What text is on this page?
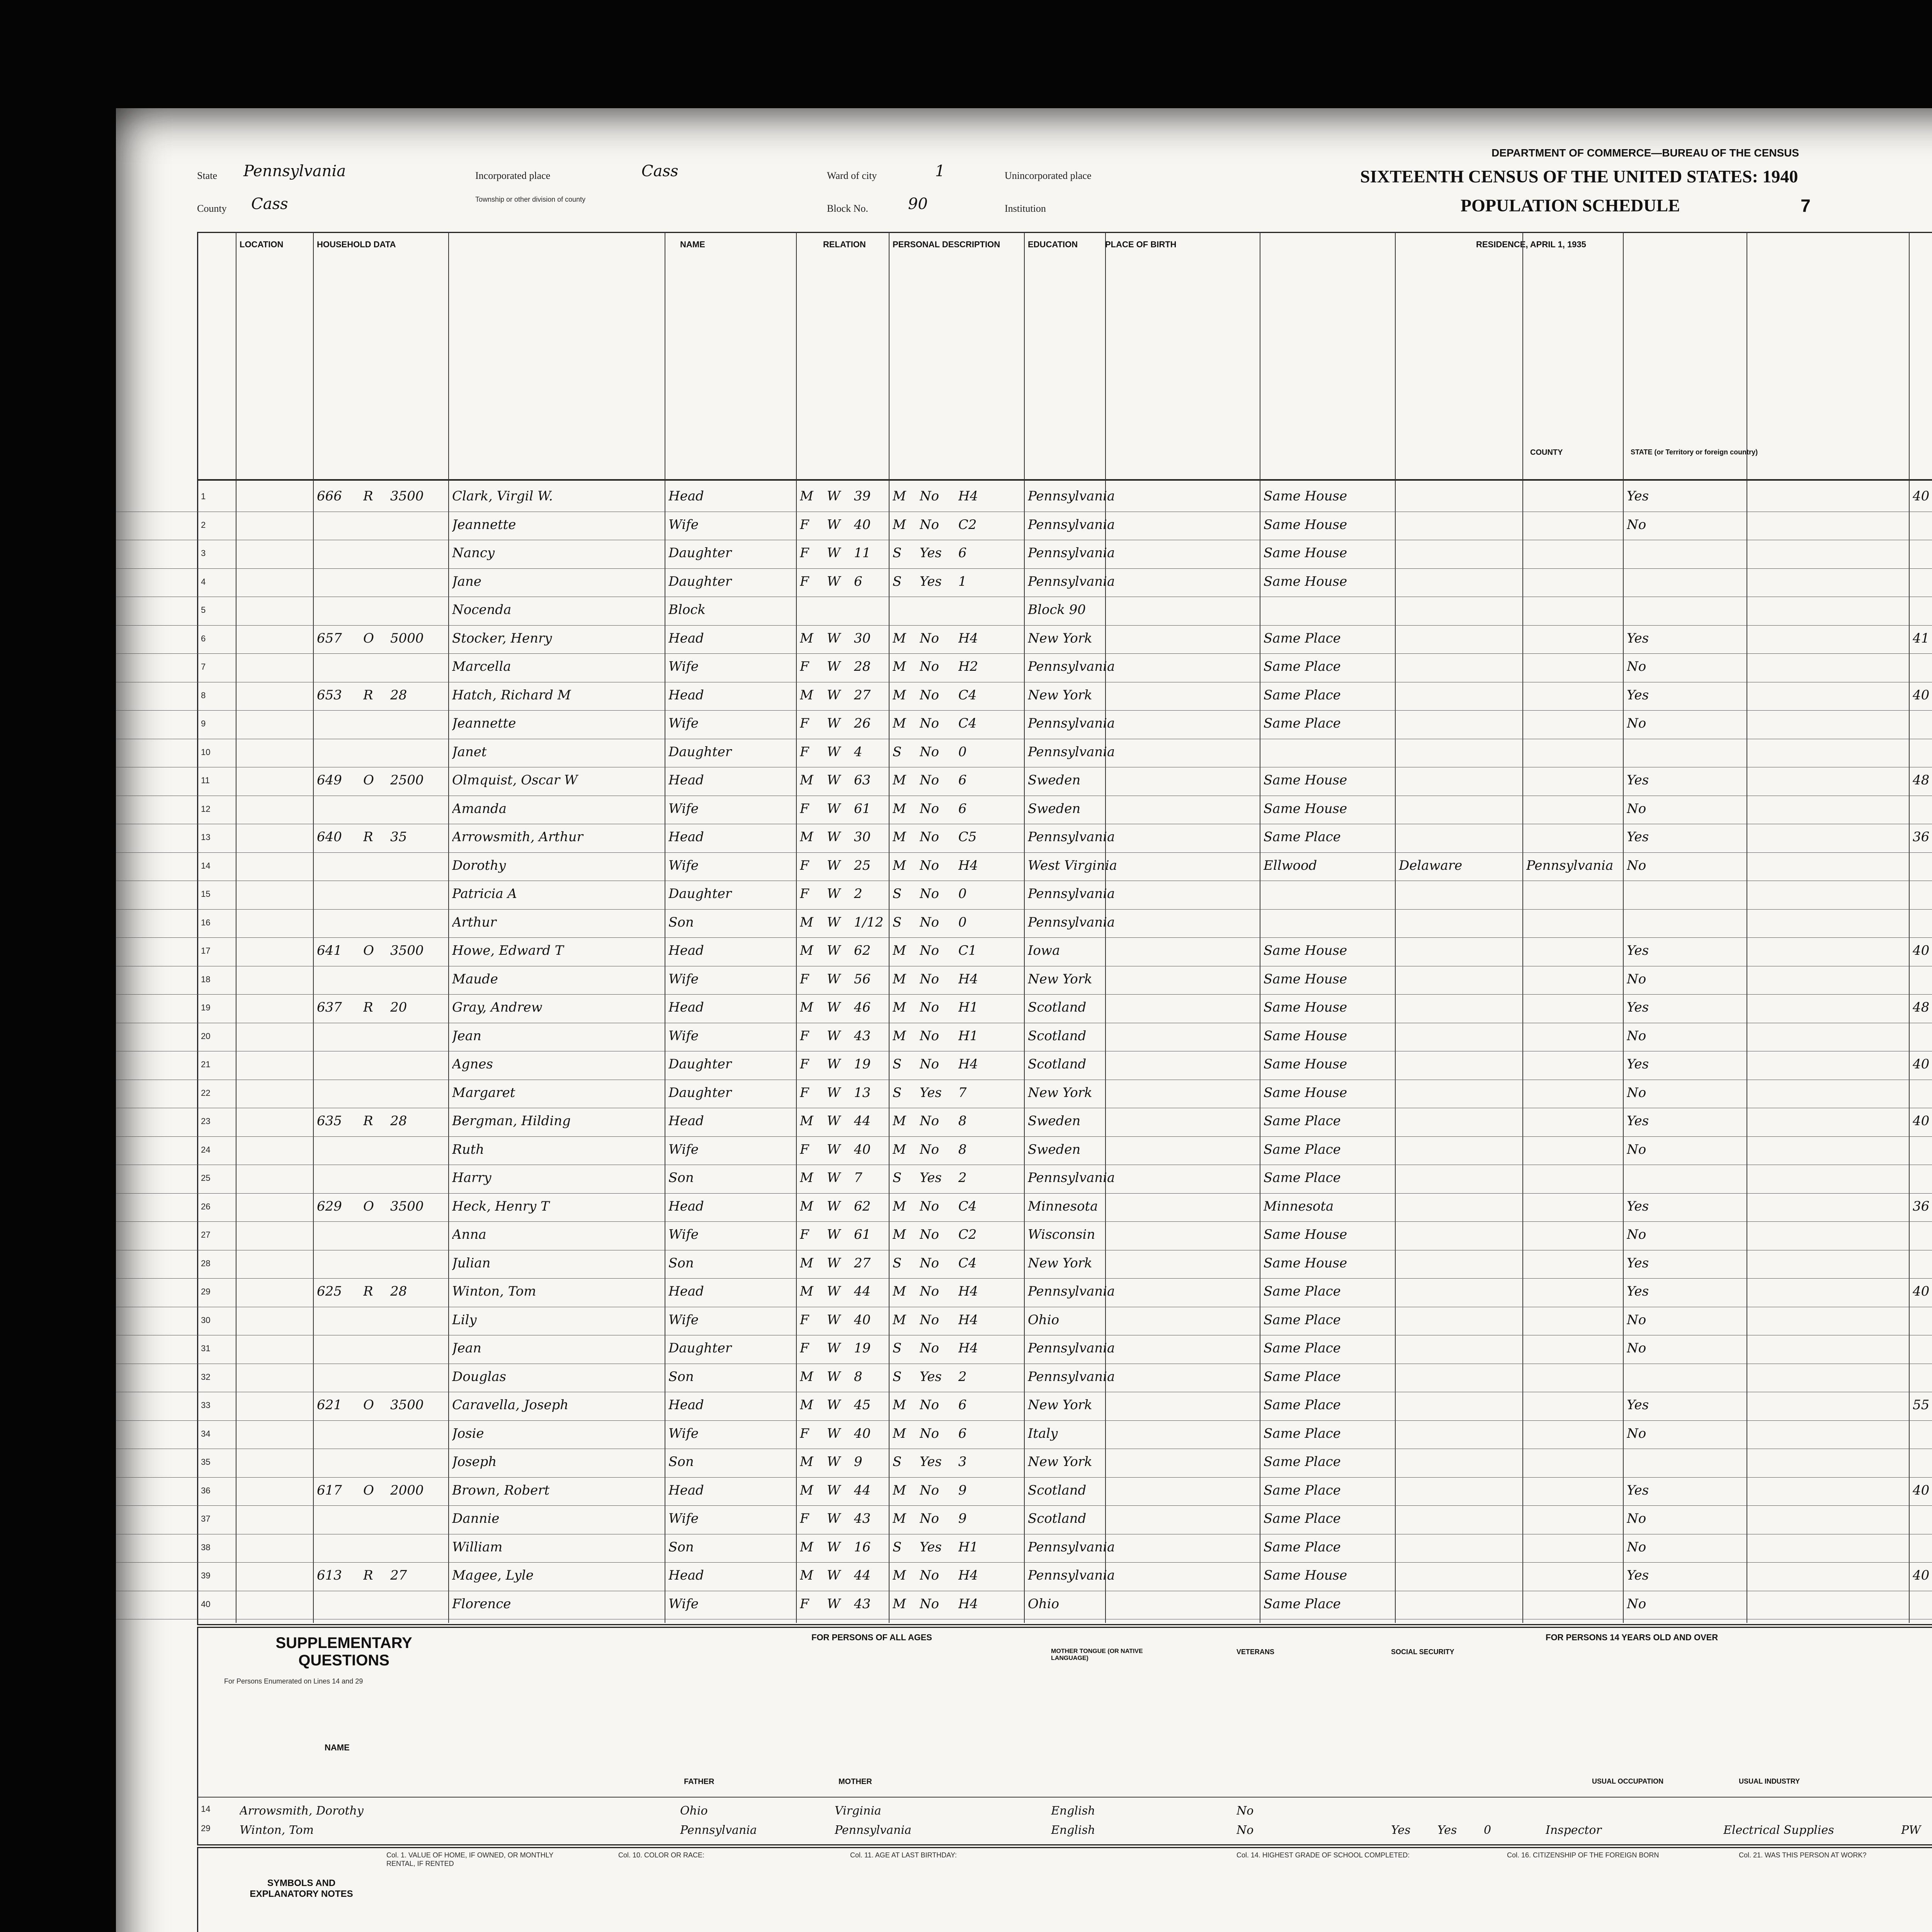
State Pennsylvania
County Cass
Incorporated place	Cass
Township or other division of county
Ward of city	1
Block No.	90
Unincorporated place
Institution
DEPARTMENT OF COMMERCE—BUREAU OF THE CENSUS
SIXTEENTH CENSUS OF THE UNITED STATES: 1940
POPULATION SCHEDULE	7
LOCATION	HOUSEHOLD DATA	NAME	RELATION	PERSONAL DESCRIPTION	EDUCATION	PLACE OF BIRTH	RESIDENCE, APRIL 1, 1935
COUNTY	STATE (or Territory or foreign country)
1	666	R	3500	Clark, Virgil W.	Head	M	W	39	M	No	H4	Pennsylvania	Same House	Yes	40
2	Jeannette	Wife	F	W	40	M	No	C2	Pennsylvania	Same House	No
3	Nancy	Daughter	F	W	11	S	Yes	6	Pennsylvania	Same House
4	Jane	Daughter	F	W	6	S	Yes	1	Pennsylvania	Same House
5	Nocenda	Block	Block 90
6	657	O	5000	Stocker, Henry	Head	M	W	30	M	No	H4	New York	Same Place	Yes	41
7	Marcella	Wife	F	W	28	M	No	H2	Pennsylvania	Same Place	No
8	653	R	28	Hatch, Richard M	Head	M	W	27	M	No	C4	New York	Same Place	Yes	40
9	Jeannette	Wife	F	W	26	M	No	C4	Pennsylvania	Same Place	No
10	Janet	Daughter	F	W	4	S	No	0	Pennsylvania
11	649	O	2500	Olmquist, Oscar W	Head	M	W	63	M	No	6	Sweden	Same House	Yes	48
12	Amanda	Wife	F	W	61	M	No	6	Sweden	Same House	No
13	640	R	35	Arrowsmith, Arthur	Head	M	W	30	M	No	C5	Pennsylvania	Same Place	Yes	36
14	Dorothy	Wife	F	W	25	M	No	H4	West Virginia	Ellwood	Delaware	Pennsylvania	No
15	Patricia A	Daughter	F	W	2	S	No	0	Pennsylvania
16	Arthur	Son	M	W	1/12 S	No	0	Pennsylvania
17	641	O	3500	Howe, Edward T	Head	M	W	62	M	No	C1	Iowa	Same House	Yes	40
18	Maude	Wife	F	W	56	M	No	H4	New York	Same House	No
19	637	R	20	Gray, Andrew	Head	M	W	46	M	No	H1	Scotland	Same House	Yes	48
20	Jean	Wife	F	W	43	M	No	H1	Scotland	Same House	No
21	Agnes	Daughter	F	W	19	S	No	H4	Scotland	Same House	Yes	40
22	Margaret	Daughter	F	W	13	S	Yes	7	New York	Same House	No
23	635	R	28	Bergman, Hilding	Head	M	W	44	M	No	8	Sweden	Same Place	Yes	40
24	Ruth	Wife	F	W	40	M	No	8	Sweden	Same Place	No
25	Harry	Son	M	W	7	S	Yes	2	Pennsylvania	Same Place
26	629	O	3500	Heck, Henry T	Head	M	W	62	M	No	C4	Minnesota	Minnesota	Yes	36
27	Anna	Wife	F	W	61	M	No	C2	Wisconsin	Same House	No
28	Julian	Son	M	W	27	S	No	C4	New York	Same House	Yes
29	625	R	28	Winton, Tom	Head	M	W	44	M	No	H4	Pennsylvania	Same Place	Yes	40
30	Lily	Wife	F	W	40	M	No	H4	Ohio	Same Place	No
31	Jean	Daughter	F	W	19	S	No	H4	Pennsylvania	Same Place	No
32	Douglas	Son	M	W	8	S	Yes	2	Pennsylvania	Same Place
33	621	O	3500	Caravella, Joseph	Head	M	W	45	M	No	6	New York	Same Place	Yes	55
34	Josie	Wife	F	W	40	M	No	6	Italy	Same Place	No
35	Joseph	Son	M	W	9	S	Yes	3	New York	Same Place
36	617	O	2000	Brown, Robert	Head	M	W	44	M	No	9	Scotland	Same Place	Yes	40
37	Dannie	Wife	F	W	43	M	No	9	Scotland	Same Place	No
38	William	Son	M	W	16	S	Yes	H1	Pennsylvania	Same Place	No
39	613	R	27	Magee, Lyle	Head	M	W	44	M	No	H4	Pennsylvania	Same House	Yes	40
40	Florence	Wife	F	W	43	M	No	H4	Ohio	Same Place	No
SUPPLEMENTARY QUESTIONS
For Persons Enumerated on Lines 14 and 29
NAME
FOR PERSONS OF ALL AGES	FOR PERSONS 14 YEARS OLD AND OVER
FATHER	MOTHER
MOTHER TONGUE (OR NATIVE LANGUAGE)
VETERANS	SOCIAL SECURITY
USUAL OCCUPATION	USUAL INDUSTRY
14	Arrowsmith, Dorothy	Ohio	Virginia	English	No
29	Winton, Tom	Pennsylvania	Pennsylvania	English	No	Yes	Yes	0	Inspector	Electrical Supplies	PW
SYMBOLS AND EXPLANATORY NOTES
Col. 1. VALUE OF HOME, IF OWNED, OR MONTHLY RENTAL, IF RENTED
Col. 10. COLOR OR RACE:	Col. 11. AGE AT LAST BIRTHDAY:	Col. 14. HIGHEST GRADE OF SCHOOL COMPLETED:	Col. 16. CITIZENSHIP OF THE FOREIGN BORN	Col. 21. WAS THIS PERSON AT WORK?
